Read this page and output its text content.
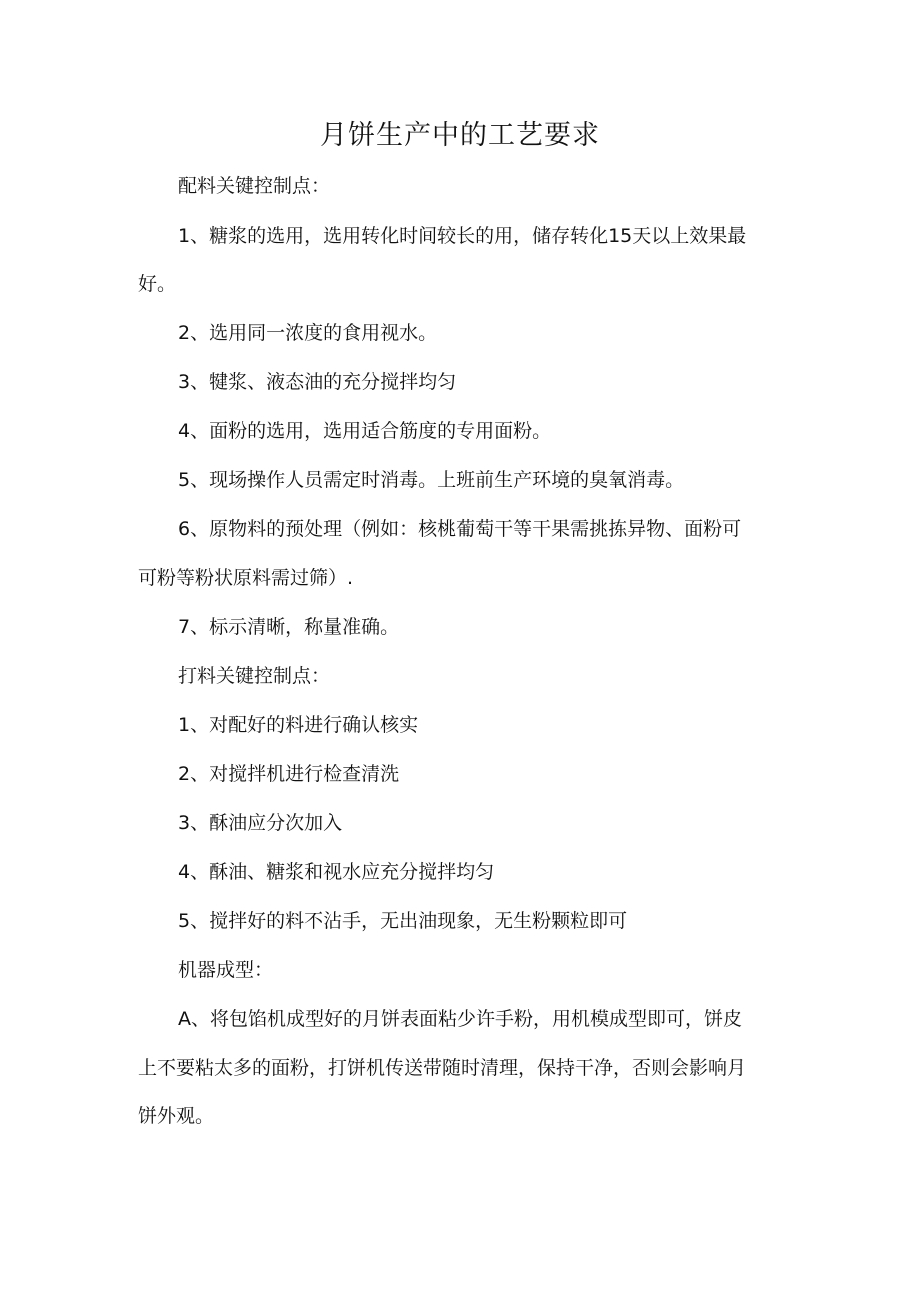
月饼生产中的工艺要求
配料关键控制点：
1、糖浆的选用，选用转化时间较长的用，储存转化15天以上效果最
好。
2、选用同一浓度的食用视水。
3、犍浆、液态油的充分搅拌均匀
4、面粉的选用，选用适合筋度的专用面粉。
5、现场操作人员需定时消毒。上班前生产环境的臭氧消毒。
6、原物料的预处理（例如：核桃葡萄干等干果需挑拣异物、面粉可
可粉等粉状原料需过筛）.
7、标示清晰，称量准确。
打料关键控制点：
1、对配好的料进行确认核实
2、对搅拌机进行检查清洗
3、酥油应分次加入
4、酥油、糖浆和视水应充分搅拌均匀
5、搅拌好的料不沾手，无出油现象，无生粉颗粒即可
机器成型：
A、将包馅机成型好的月饼表面粘少许手粉，用机模成型即可，饼皮
上不要粘太多的面粉，打饼机传送带随时清理，保持干净，否则会影响月
饼外观。
